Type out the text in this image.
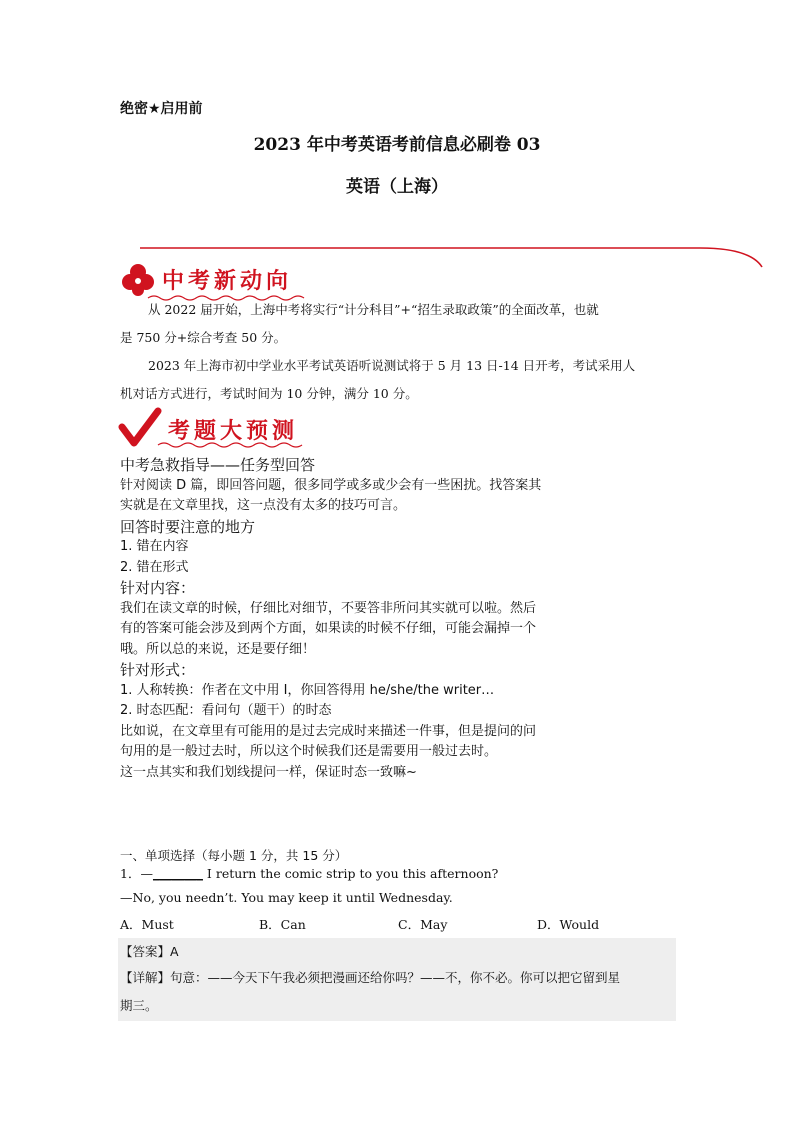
绝密★启用前
2023 年中考英语考前信息必刷卷 03
英语（上海）
中考新动向
从 2022 届开始，上海中考将实行“计分科目”+“招生录取政策”的全面改革，也就
是 750 分+综合考查 50 分。
2023 年上海市初中学业水平考试英语听说测试将于 5 月 13 日-14 日开考，考试采用人
机对话方式进行，考试时间为 10 分钟，满分 10 分。
考题大预测
中考急救指导——任务型回答
针对阅读 D 篇，即回答问题，很多同学或多或少会有一些困扰。找答案其
实就是在文章里找，这一点没有太多的技巧可言。
回答时要注意的地方
1. 错在内容
2. 错在形式
针对内容：
我们在读文章的时候，仔细比对细节，不要答非所问其实就可以啦。然后
有的答案可能会涉及到两个方面，如果读的时候不仔细，可能会漏掉一个
哦。所以总的来说，还是要仔细！
针对形式：
1. 人称转换：作者在文中用 I，你回答得用 he/she/the writer…
2. 时态匹配：看问句（题干）的时态
比如说，在文章里有可能用的是过去完成时来描述一件事，但是提问的问
句用的是一般过去时，所以这个时候我们还是需要用一般过去时。
这一点其实和我们划线提问一样，保证时态一致嘛~
一、单项选择（每小题 1 分，共 15 分）
1．—________ I return the comic strip to you this afternoon?
—No, you needn’t. You may keep it until Wednesday.
A．Must	B．Can	C．May	D．Would
【答案】A
【详解】句意：——今天下午我必须把漫画还给你吗？——不，你不必。你可以把它留到星
期三。
